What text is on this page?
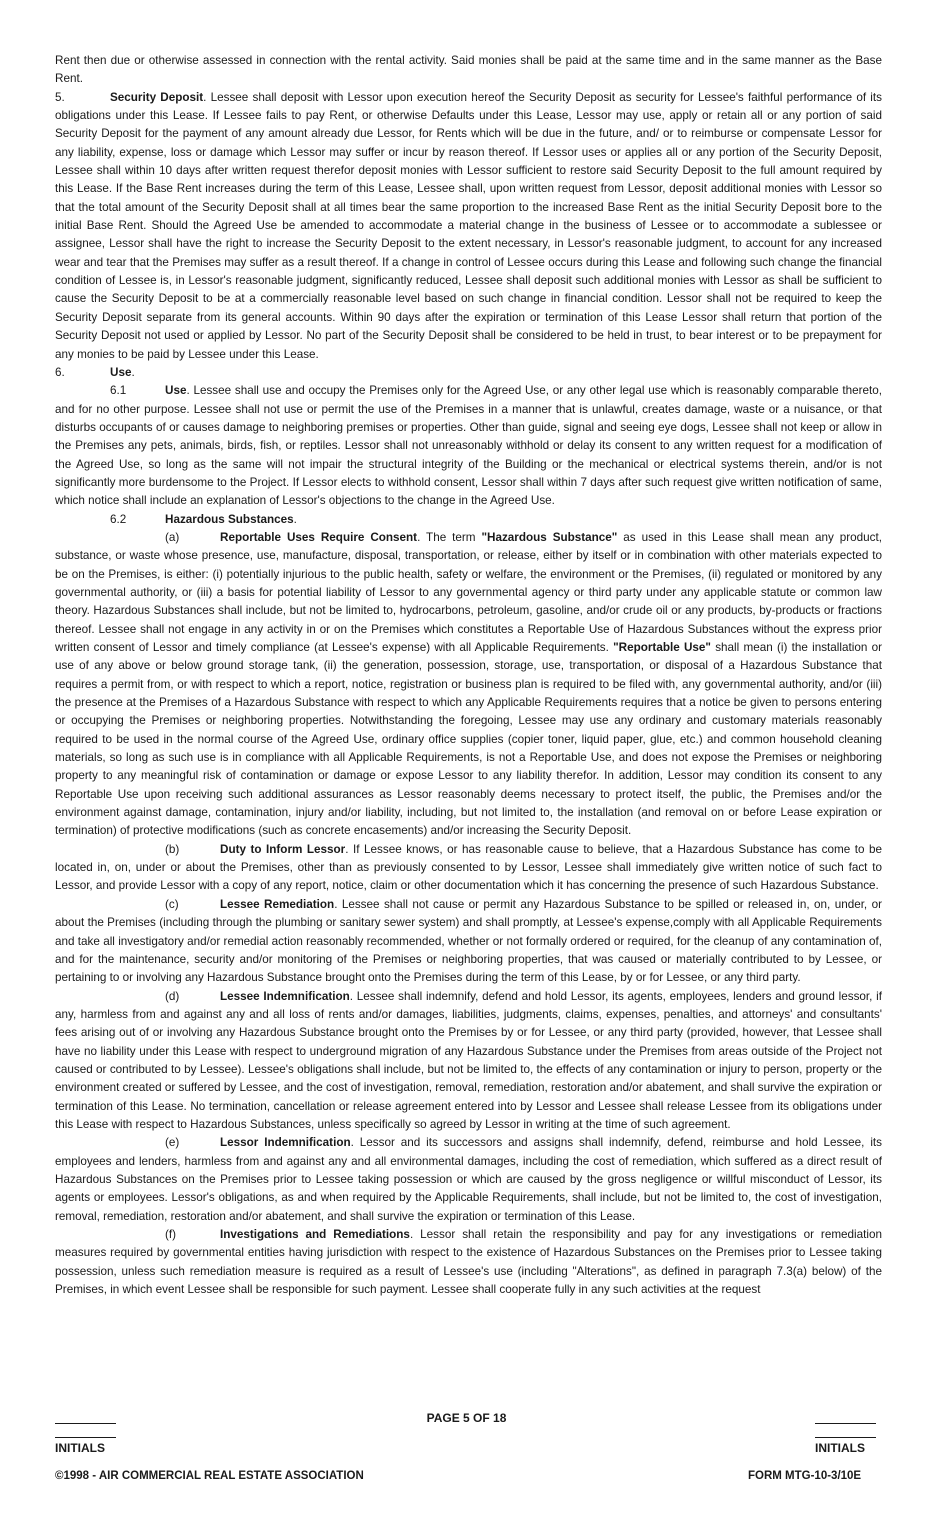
Rent then due or otherwise assessed in connection with the rental activity. Said monies shall be paid at the same time and in the same manner as the Base Rent.

5.	Security Deposit. Lessee shall deposit with Lessor upon execution hereof the Security Deposit as security for Lessee's faithful performance of its obligations under this Lease. If Lessee fails to pay Rent, or otherwise Defaults under this Lease, Lessor may use, apply or retain all or any portion of said Security Deposit for the payment of any amount already due Lessor, for Rents which will be due in the future, and/ or to reimburse or compensate Lessor for any liability, expense, loss or damage which Lessor may suffer or incur by reason thereof. If Lessor uses or applies all or any portion of the Security Deposit, Lessee shall within 10 days after written request therefor deposit monies with Lessor sufficient to restore said Security Deposit to the full amount required by this Lease. If the Base Rent increases during the term of this Lease, Lessee shall, upon written request from Lessor, deposit additional monies with Lessor so that the total amount of the Security Deposit shall at all times bear the same proportion to the increased Base Rent as the initial Security Deposit bore to the initial Base Rent. Should the Agreed Use be amended to accommodate a material change in the business of Lessee or to accommodate a sublessee or assignee, Lessor shall have the right to increase the Security Deposit to the extent necessary, in Lessor's reasonable judgment, to account for any increased wear and tear that the Premises may suffer as a result thereof. If a change in control of Lessee occurs during this Lease and following such change the financial condition of Lessee is, in Lessor's reasonable judgment, significantly reduced, Lessee shall deposit such additional monies with Lessor as shall be sufficient to cause the Security Deposit to be at a commercially reasonable level based on such change in financial condition. Lessor shall not be required to keep the Security Deposit separate from its general accounts. Within 90 days after the expiration or termination of this Lease Lessor shall return that portion of the Security Deposit not used or applied by Lessor. No part of the Security Deposit shall be considered to be held in trust, to bear interest or to be prepayment for any monies to be paid by Lessee under this Lease.

6.	Use.

6.1	Use. Lessee shall use and occupy the Premises only for the Agreed Use, or any other legal use which is reasonably comparable thereto, and for no other purpose. Lessee shall not use or permit the use of the Premises in a manner that is unlawful, creates damage, waste or a nuisance, or that disturbs occupants of or causes damage to neighboring premises or properties. Other than guide, signal and seeing eye dogs, Lessee shall not keep or allow in the Premises any pets, animals, birds, fish, or reptiles. Lessor shall not unreasonably withhold or delay its consent to any written request for a modification of the Agreed Use, so long as the same will not impair the structural integrity of the Building or the mechanical or electrical systems therein, and/or is not significantly more burdensome to the Project. If Lessor elects to withhold consent, Lessor shall within 7 days after such request give written notification of same, which notice shall include an explanation of Lessor's objections to the change in the Agreed Use.

6.2	Hazardous Substances.

(a)	Reportable Uses Require Consent. The term "Hazardous Substance" as used in this Lease shall mean any product, substance, or waste whose presence, use, manufacture, disposal, transportation, or release, either by itself or in combination with other materials expected to be on the Premises, is either: (i) potentially injurious to the public health, safety or welfare, the environment or the Premises, (ii) regulated or monitored by any governmental authority, or (iii) a basis for potential liability of Lessor to any governmental agency or third party under any applicable statute or common law theory. Hazardous Substances shall include, but not be limited to, hydrocarbons, petroleum, gasoline, and/or crude oil or any products, by-products or fractions thereof. Lessee shall not engage in any activity in or on the Premises which constitutes a Reportable Use of Hazardous Substances without the express prior written consent of Lessor and timely compliance (at Lessee's expense) with all Applicable Requirements. "Reportable Use" shall mean (i) the installation or use of any above or below ground storage tank, (ii) the generation, possession, storage, use, transportation, or disposal of a Hazardous Substance that requires a permit from, or with respect to which a report, notice, registration or business plan is required to be filed with, any governmental authority, and/or (iii) the presence at the Premises of a Hazardous Substance with respect to which any Applicable Requirements requires that a notice be given to persons entering or occupying the Premises or neighboring properties. Notwithstanding the foregoing, Lessee may use any ordinary and customary materials reasonably required to be used in the normal course of the Agreed Use, ordinary office supplies (copier toner, liquid paper, glue, etc.) and common household cleaning materials, so long as such use is in compliance with all Applicable Requirements, is not a Reportable Use, and does not expose the Premises or neighboring property to any meaningful risk of contamination or damage or expose Lessor to any liability therefor. In addition, Lessor may condition its consent to any Reportable Use upon receiving such additional assurances as Lessor reasonably deems necessary to protect itself, the public, the Premises and/or the environment against damage, contamination, injury and/or liability, including, but not limited to, the installation (and removal on or before Lease expiration or termination) of protective modifications (such as concrete encasements) and/or increasing the Security Deposit.

(b)	Duty to Inform Lessor. If Lessee knows, or has reasonable cause to believe, that a Hazardous Substance has come to be located in, on, under or about the Premises, other than as previously consented to by Lessor, Lessee shall immediately give written notice of such fact to Lessor, and provide Lessor with a copy of any report, notice, claim or other documentation which it has concerning the presence of such Hazardous Substance.

(c)	Lessee Remediation. Lessee shall not cause or permit any Hazardous Substance to be spilled or released in, on, under, or about the Premises (including through the plumbing or sanitary sewer system) and shall promptly, at Lessee's expense,comply with all Applicable Requirements and take all investigatory and/or remedial action reasonably recommended, whether or not formally ordered or required, for the cleanup of any contamination of, and for the maintenance, security and/or monitoring of the Premises or neighboring properties, that was caused or materially contributed to by Lessee, or pertaining to or involving any Hazardous Substance brought onto the Premises during the term of this Lease, by or for Lessee, or any third party.

(d)	Lessee Indemnification. Lessee shall indemnify, defend and hold Lessor, its agents, employees, lenders and ground lessor, if any, harmless from and against any and all loss of rents and/or damages, liabilities, judgments, claims, expenses, penalties, and attorneys' and consultants' fees arising out of or involving any Hazardous Substance brought onto the Premises by or for Lessee, or any third party (provided, however, that Lessee shall have no liability under this Lease with respect to underground migration of any Hazardous Substance under the Premises from areas outside of the Project not caused or contributed to by Lessee). Lessee's obligations shall include, but not be limited to, the effects of any contamination or injury to person, property or the environment created or suffered by Lessee, and the cost of investigation, removal, remediation, restoration and/or abatement, and shall survive the expiration or termination of this Lease. No termination, cancellation or release agreement entered into by Lessor and Lessee shall release Lessee from its obligations under this Lease with respect to Hazardous Substances, unless specifically so agreed by Lessor in writing at the time of such agreement.

(e)	Lessor Indemnification. Lessor and its successors and assigns shall indemnify, defend, reimburse and hold Lessee, its employees and lenders, harmless from and against any and all environmental damages, including the cost of remediation, which suffered as a direct result of Hazardous Substances on the Premises prior to Lessee taking possession or which are caused by the gross negligence or willful misconduct of Lessor, its agents or employees. Lessor's obligations, as and when required by the Applicable Requirements, shall include, but not be limited to, the cost of investigation, removal, remediation, restoration and/or abatement, and shall survive the expiration or termination of this Lease.

(f)	Investigations and Remediations. Lessor shall retain the responsibility and pay for any investigations or remediation measures required by governmental entities having jurisdiction with respect to the existence of Hazardous Substances on the Premises prior to Lessee taking possession, unless such remediation measure is required as a result of Lessee's use (including "Alterations", as defined in paragraph 7.3(a) below) of the Premises, in which event Lessee shall be responsible for such payment. Lessee shall cooperate fully in any such activities at the request

PAGE 5 OF 18
INITIALS	INITIALS
©1998 - AIR COMMERCIAL REAL ESTATE ASSOCIATION	FORM MTG-10-3/10E
